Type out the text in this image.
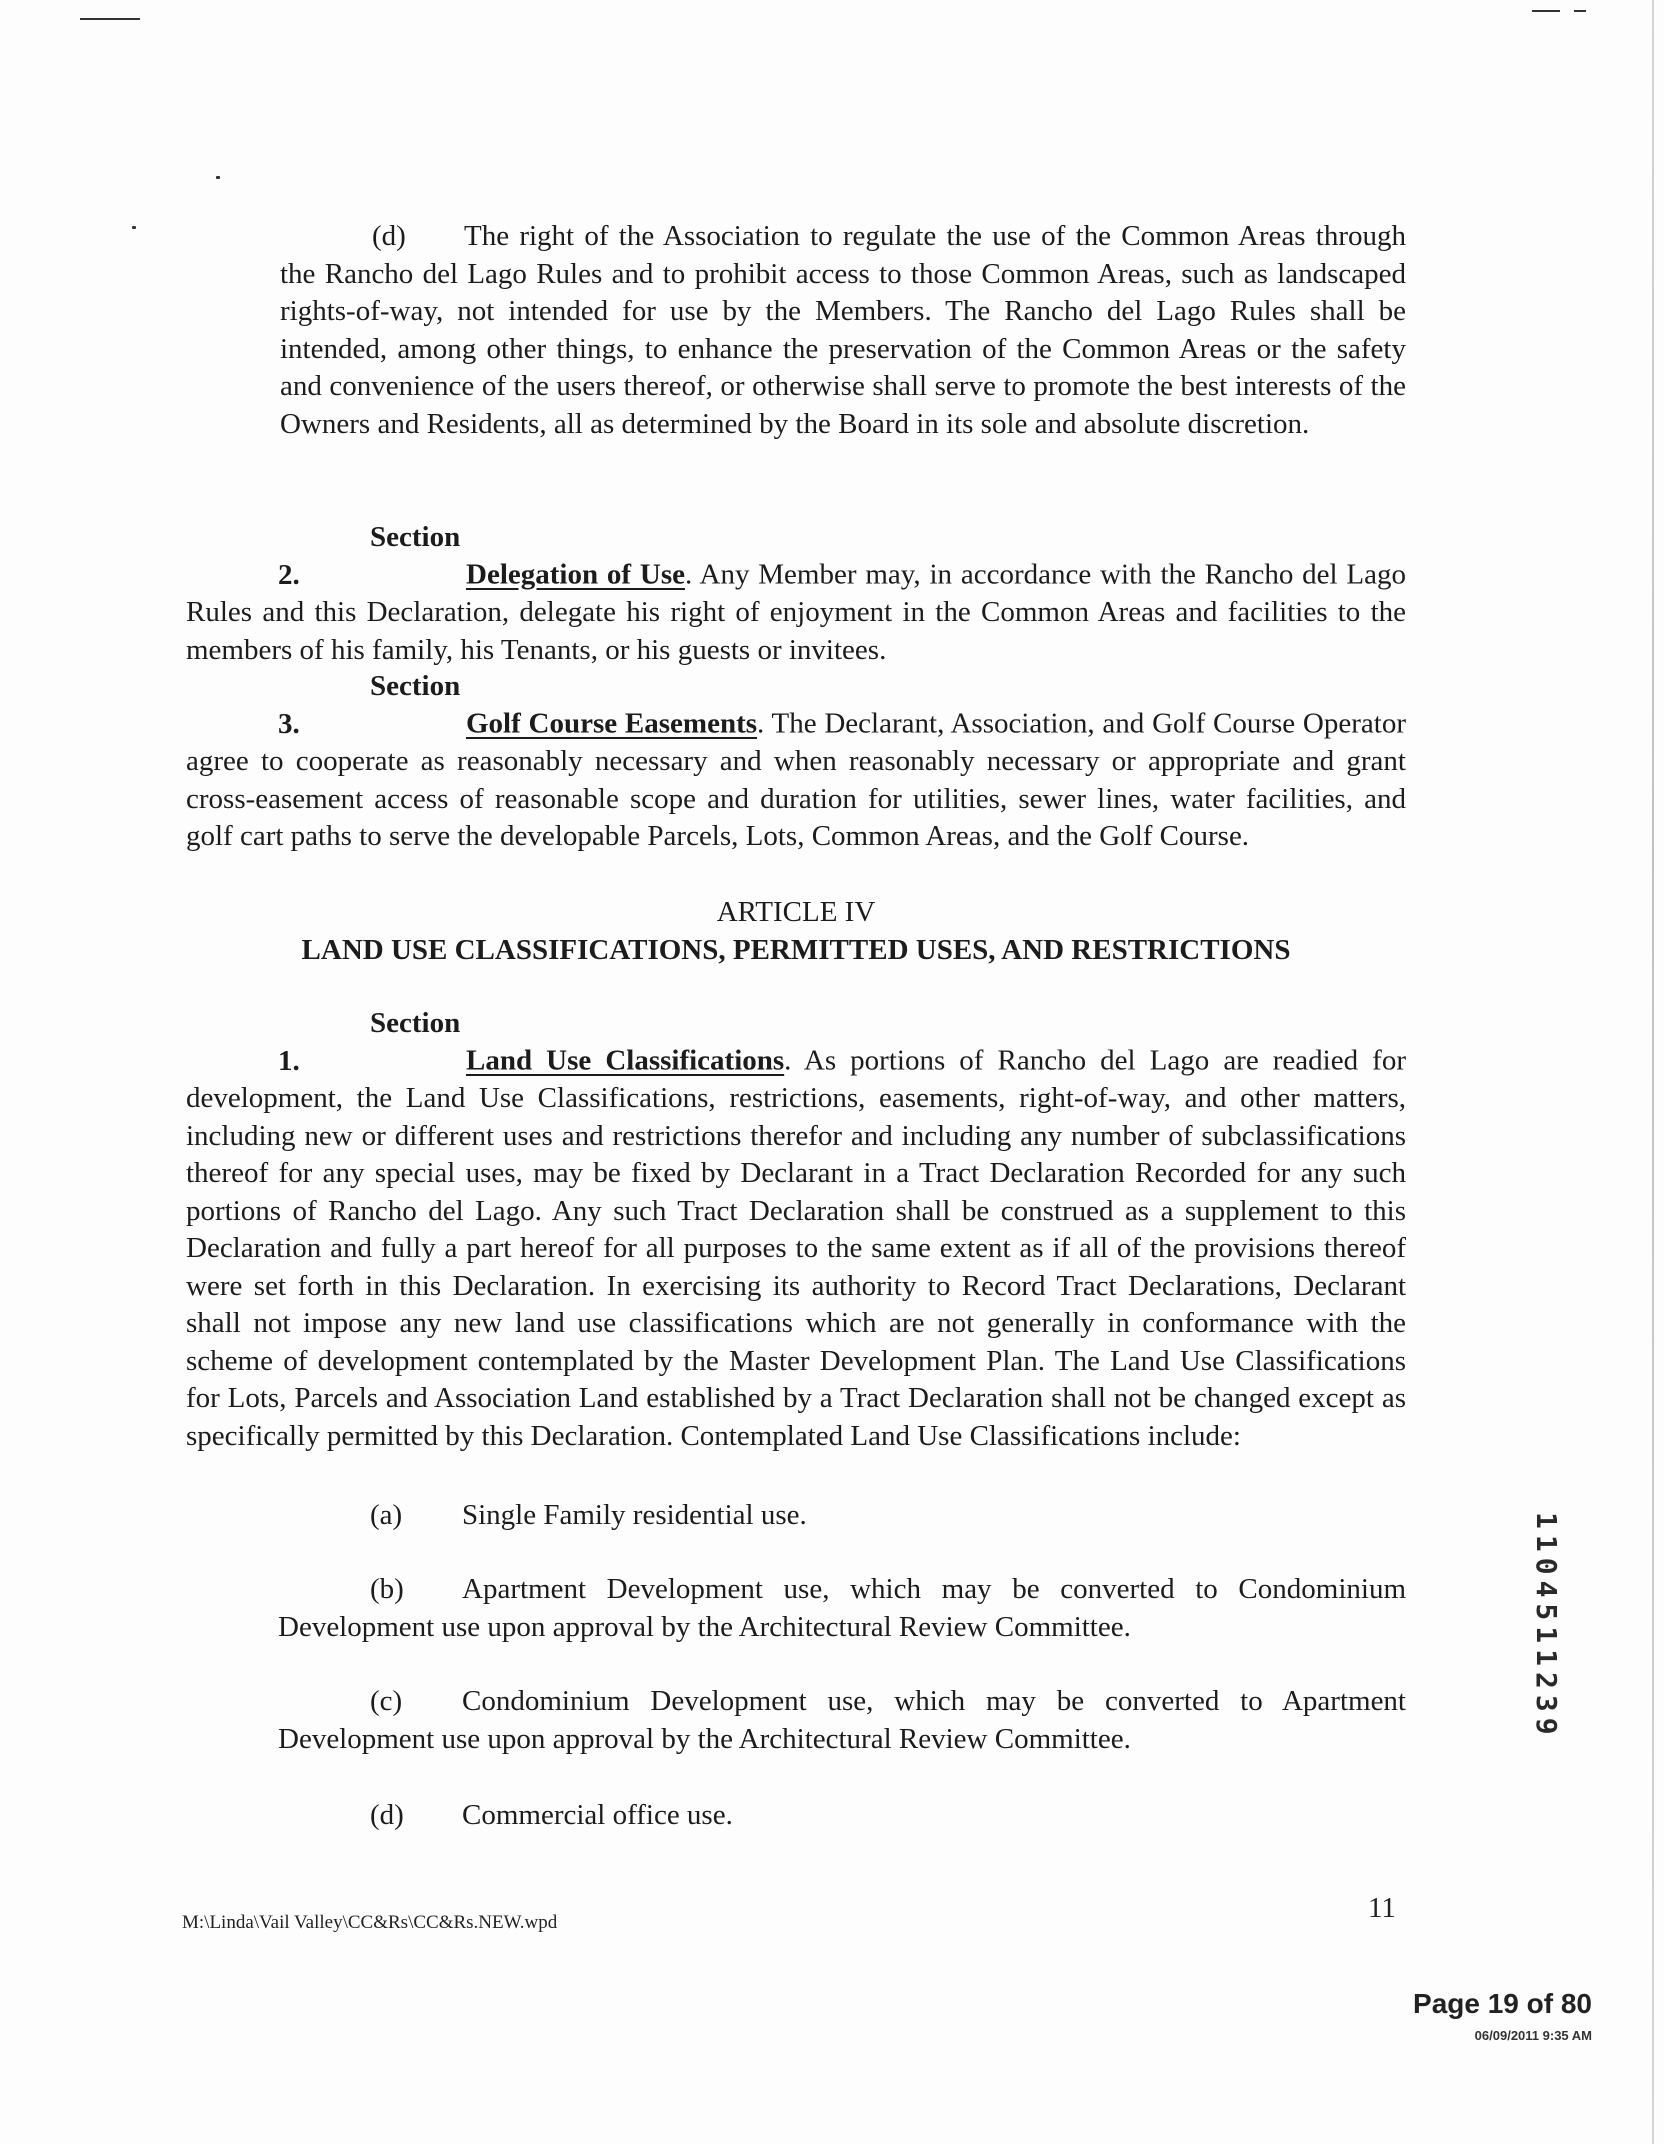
(d) The right of the Association to regulate the use of the Common Areas through the Rancho del Lago Rules and to prohibit access to those Common Areas, such as landscaped rights-of-way, not intended for use by the Members. The Rancho del Lago Rules shall be intended, among other things, to enhance the preservation of the Common Areas or the safety and convenience of the users thereof, or otherwise shall serve to promote the best interests of the Owners and Residents, all as determined by the Board in its sole and absolute discretion.
Section 2.	Delegation of Use. Any Member may, in accordance with the Rancho del Lago Rules and this Declaration, delegate his right of enjoyment in the Common Areas and facilities to the members of his family, his Tenants, or his guests or invitees.
Section 3.	Golf Course Easements. The Declarant, Association, and Golf Course Operator agree to cooperate as reasonably necessary and when reasonably necessary or appropriate and grant cross-easement access of reasonable scope and duration for utilities, sewer lines, water facilities, and golf cart paths to serve the developable Parcels, Lots, Common Areas, and the Golf Course.
ARTICLE IV
LAND USE CLASSIFICATIONS, PERMITTED USES, AND RESTRICTIONS
Section 1.	Land Use Classifications. As portions of Rancho del Lago are readied for development, the Land Use Classifications, restrictions, easements, right-of-way, and other matters, including new or different uses and restrictions therefor and including any number of subclassifications thereof for any special uses, may be fixed by Declarant in a Tract Declaration Recorded for any such portions of Rancho del Lago. Any such Tract Declaration shall be construed as a supplement to this Declaration and fully a part hereof for all purposes to the same extent as if all of the provisions thereof were set forth in this Declaration. In exercising its authority to Record Tract Declarations, Declarant shall not impose any new land use classifications which are not generally in conformance with the scheme of development contemplated by the Master Development Plan. The Land Use Classifications for Lots, Parcels and Association Land established by a Tract Declaration shall not be changed except as specifically permitted by this Declaration. Contemplated Land Use Classifications include:
(a) Single Family residential use.
(b) Apartment Development use, which may be converted to Condominium Development use upon approval by the Architectural Review Committee.
(c) Condominium Development use, which may be converted to Apartment Development use upon approval by the Architectural Review Committee.
(d) Commercial office use.
1104511239
M:\Linda\Vail Valley\CC&Rs\CC&Rs.NEW.wpd	11
Page 19 of 80
06/09/2011 9:35 AM
